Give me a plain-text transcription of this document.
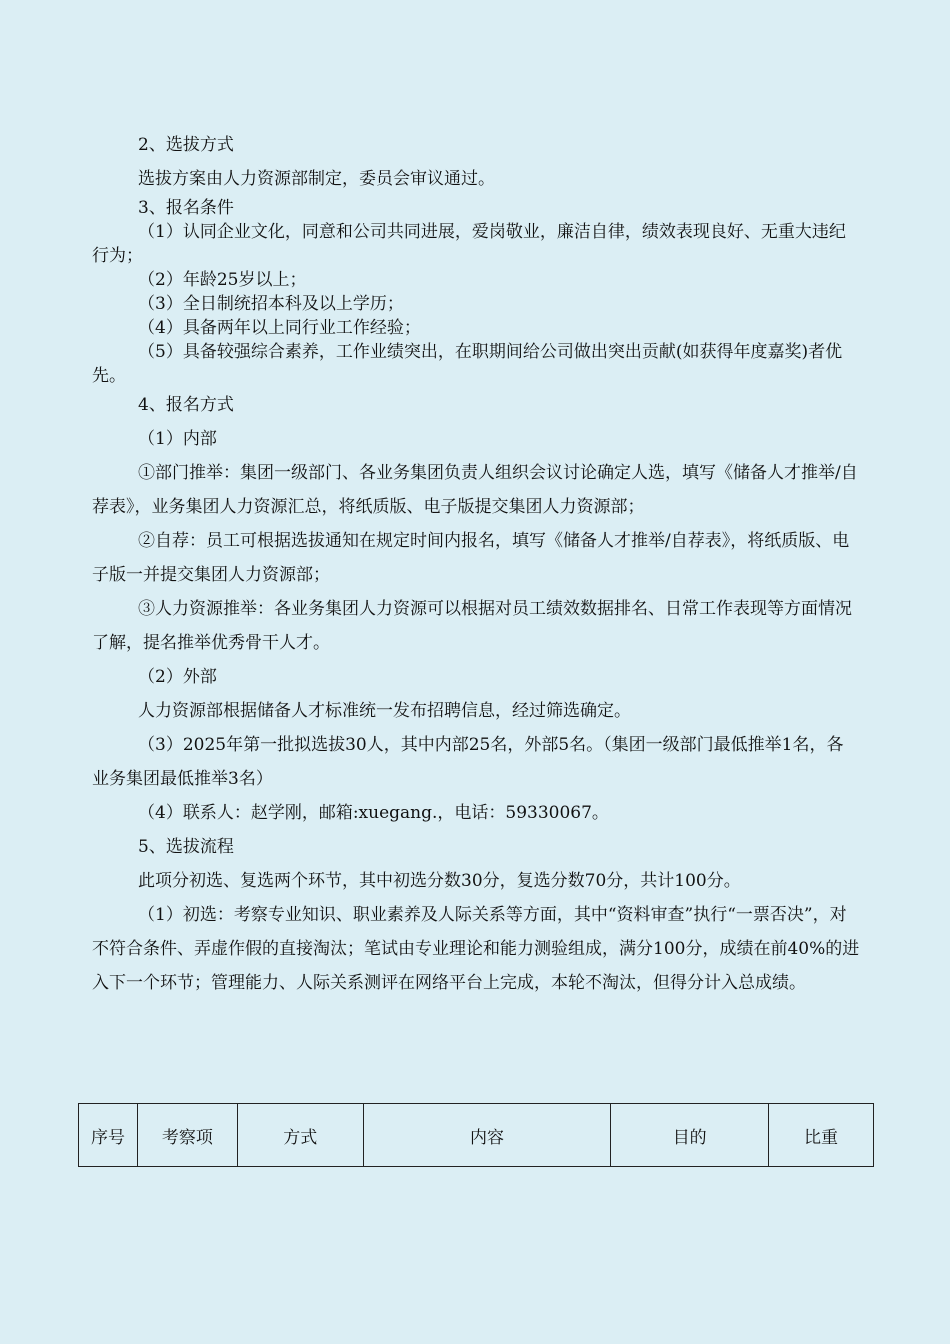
2、选拔方式

选拔方案由人力资源部制定，委员会审议通过。

3、报名条件

（1）认同企业文化，同意和公司共同进展，爱岗敬业，廉洁自律，绩效表现良好、无重大违纪行为；

（2）年龄25岁以上；

（3）全日制统招本科及以上学历；

（4）具备两年以上同行业工作经验；

（5）具备较强综合素养，工作业绩突出，在职期间给公司做出突出贡献(如获得年度嘉奖)者优先。

4、报名方式

（1）内部

①部门推举：集团一级部门、各业务集团负责人组织会议讨论确定人选，填写《储备人才推举/自荐表》，业务集团人力资源汇总，将纸质版、电子版提交集团人力资源部；

②自荐：员工可根据选拔通知在规定时间内报名，填写《储备人才推举/自荐表》，将纸质版、电子版一并提交集团人力资源部；

③人力资源推举：各业务集团人力资源可以根据对员工绩效数据排名、日常工作表现等方面情况了解，提名推举优秀骨干人才。

（2）外部

人力资源部根据储备人才标准统一发布招聘信息，经过筛选确定。

（3）2025年第一批拟选拔30人，其中内部25名，外部5名。（集团一级部门最低推举1名，各业务集团最低推举3名）

（4）联系人：赵学刚，邮箱:xuegang.，电话：59330067。

5、选拔流程

此项分初选、复选两个环节，其中初选分数30分，复选分数70分，共计100分。

（1）初选：考察专业知识、职业素养及人际关系等方面，其中“资料审查”执行“一票否决”，对不符合条件、弄虚作假的直接淘汰；笔试由专业理论和能力测验组成，满分100分，成绩在前40%的进入下一个环节；管理能力、人际关系测评在网络平台上完成，本轮不淘汰，但得分计入总成绩。

序号	考察项	方式	内容	目的	比重
